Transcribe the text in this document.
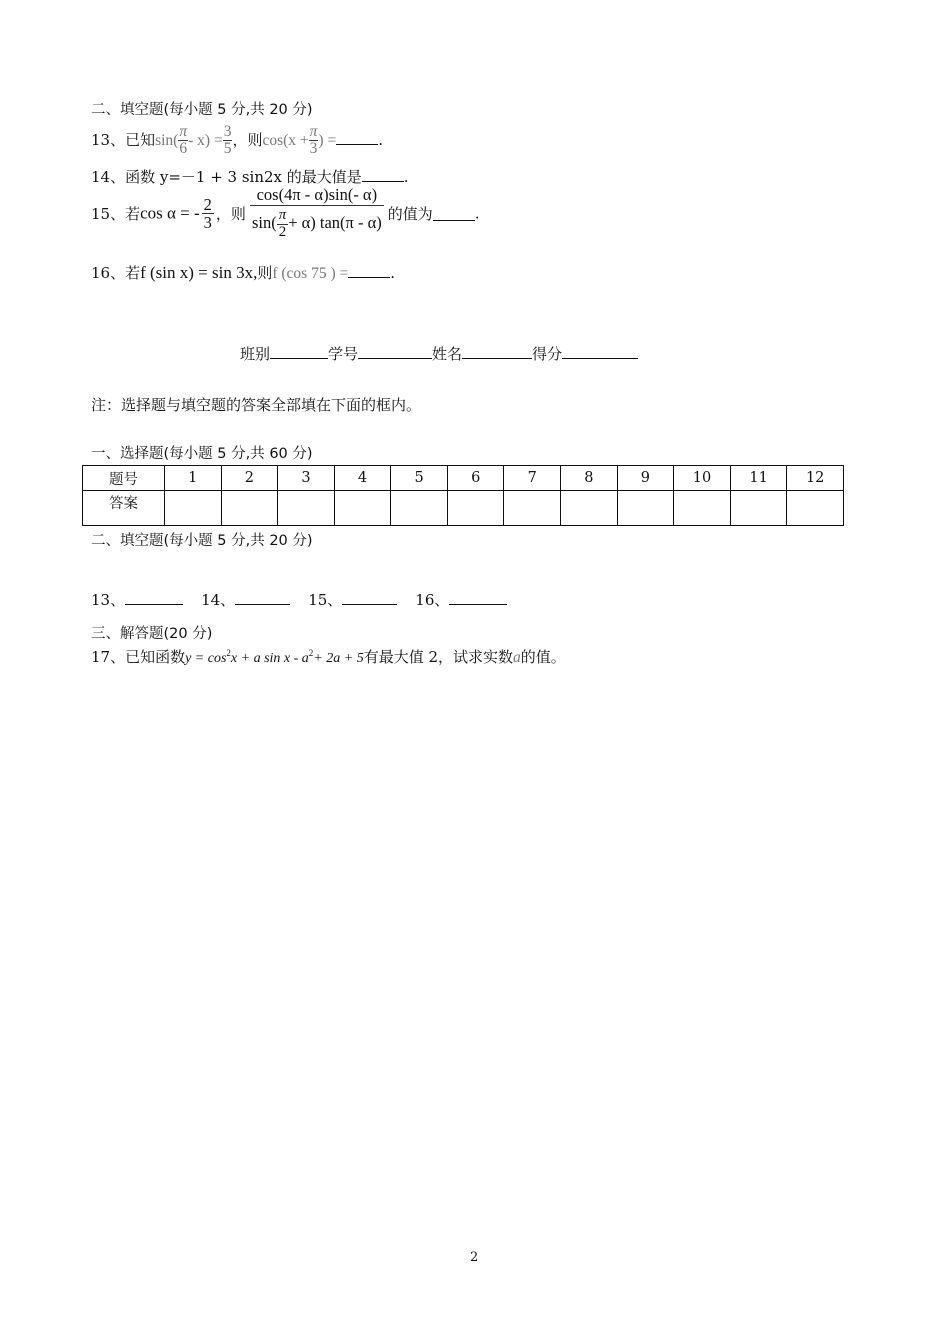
二、填空题(每小题 5 分,共 20 分)
13、已知$\sin( \frac{\pi}{6} - x) = \frac{3}{5}$ ，则$\cos(x + \frac{\pi}{3}$ ) =	.
14、函数 y=－1 + 3 sin2x 的最大值是	.
15、若cos α = - $\frac{2}{3}$ ，则 $\frac{\cos(4\pi - \alpha)\sin(- \alpha)}{\sin( \frac{\pi}{2} + \alpha) \tan(\pi - \alpha)}$ 的值为	.
16、若f (sin x) = sin 3x,则f (cos 75 ) =	.
班别	学号	姓名	得分
注：选择题与填空题的答案全部填在下面的框内。
一、选择题(每小题 5 分,共 60 分)
题号	1	2	3	4	5	6	7	8	9	10	11	12
答案												
二、填空题(每小题 5 分,共 20 分)
13、	14、	15、	16、
三、解答题(20 分)
17、已知函数$y = \cos^2x + a$ $\sin x - a^2+ 2a + 5$有最大值 2，试求实数a的值。
2
